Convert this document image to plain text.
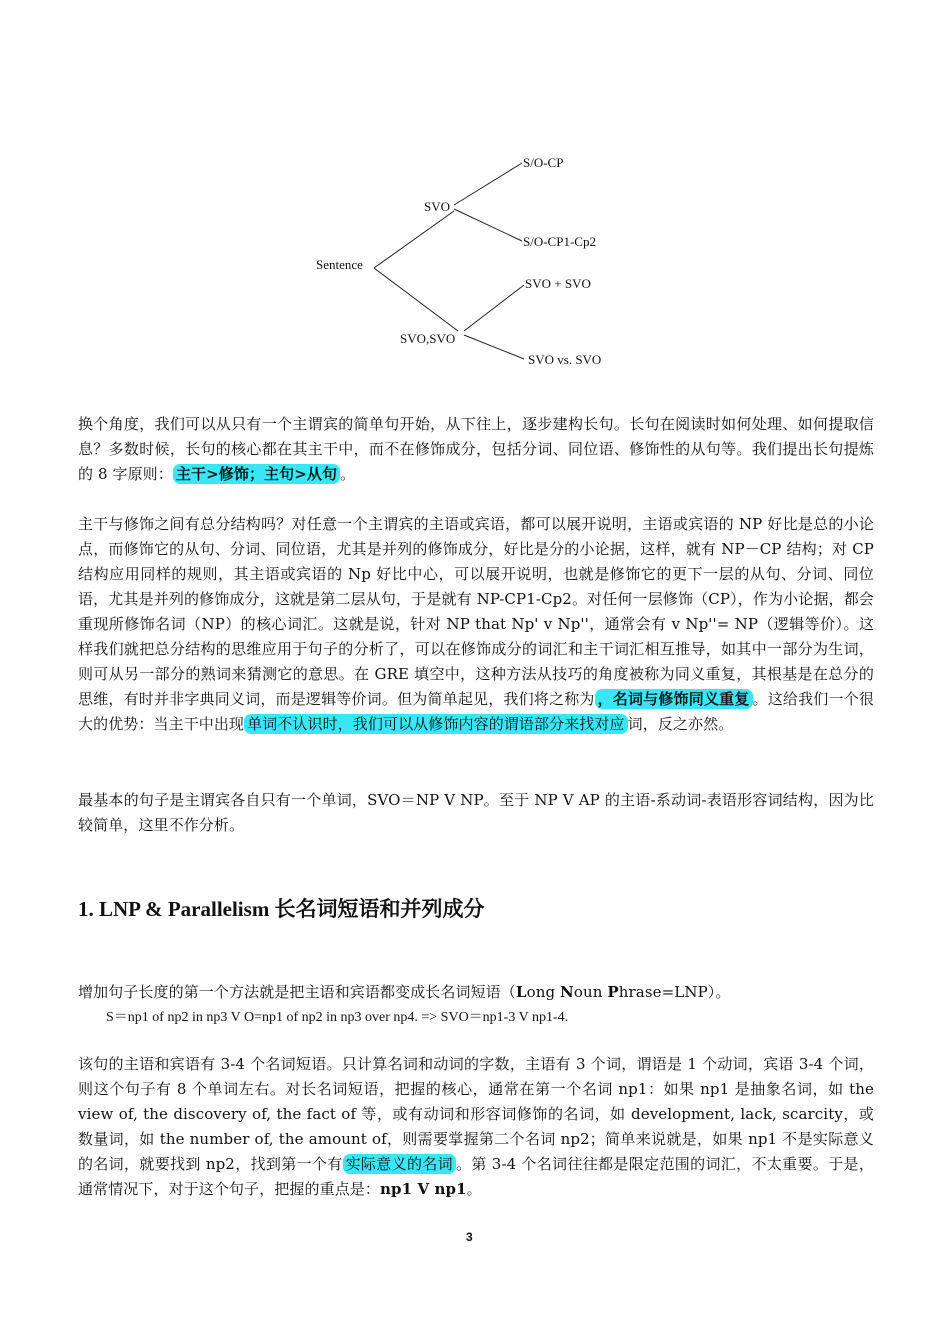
Sentence
SVO
SVO,SVO
S/O-CP
S/O-CP1-Cp2
SVO + SVO
SVO vs. SVO
换个角度，我们可以从只有一个主谓宾的简单句开始，从下往上，逐步建构长句。长句在阅读时如何处理、如何提取信息？多数时候，长句的核心都在其主干中，而不在修饰成分，包括分词、同位语、修饰性的从句等。我们提出长句提炼的 8 字原则： 主干>修饰；主句>从句 。
主干与修饰之间有总分结构吗？对任意一个主谓宾的主语或宾语，都可以展开说明，主语或宾语的 NP 好比是总的小论点，而修饰它的从句、分词、同位语，尤其是并列的修饰成分，好比是分的小论据，这样，就有 NP－CP 结构；对 CP 结构应用同样的规则，其主语或宾语的 Np 好比中心，可以展开说明，也就是修饰它的更下一层的从句、分词、同位语，尤其是并列的修饰成分，这就是第二层从句，于是就有 NP-CP1-Cp2。对任何一层修饰（CP），作为小论据，都会重现所修饰名词（NP）的核心词汇。这就是说，针对 NP that Np' v Np''，通常会有 v Np''= NP（逻辑等价）。这样我们就把总分结构的思维应用于句子的分析了，可以在修饰成分的词汇和主干词汇相互推导，如其中一部分为生词，则可从另一部分的熟词来猜测它的意思。在 GRE 填空中，这种方法从技巧的角度被称为同义重复，其根基是在总分的思维，有时并非字典同义词，而是逻辑等价词。但为简单起见，我们将之称为 ，名词与修饰同义重复 。这给我们一个很大的优势：当主干中出现 单词不认识时，我们可以从修饰内容的谓语部分来找对应 词，反之亦然。
最基本的句子是主谓宾各自只有一个单词，SVO＝NP V NP。至于 NP V AP 的主语-系动词-表语形容词结构，因为比较简单，这里不作分析。
1. LNP & Parallelism 长名词短语和并列成分
增加句子长度的第一个方法就是把主语和宾语都变成长名词短语（Long Noun Phrase=LNP）。
S＝np1 of np2 in np3 V O=np1 of np2 in np3 over np4. => SVO＝np1-3 V np1-4.
该句的主语和宾语有 3-4 个名词短语。只计算名词和动词的字数，主语有 3 个词，谓语是 1 个动词，宾语 3-4 个词，则这个句子有 8 个单词左右。对长名词短语，把握的核心，通常在第一个名词 np1：如果 np1 是抽象名词，如 the view of, the discovery of, the fact of 等，或有动词和形容词修饰的名词，如 development, lack, scarcity，或数量词，如 the number of, the amount of，则需要掌握第二个名词 np2；简单来说就是，如果 np1 不是实际意义的名词，就要找到 np2，找到第一个有 实际意义的名词 。第 3-4 个名词往往都是限定范围的词汇，不太重要。于是，通常情况下，对于这个句子，把握的重点是：np1 V np1。
3
